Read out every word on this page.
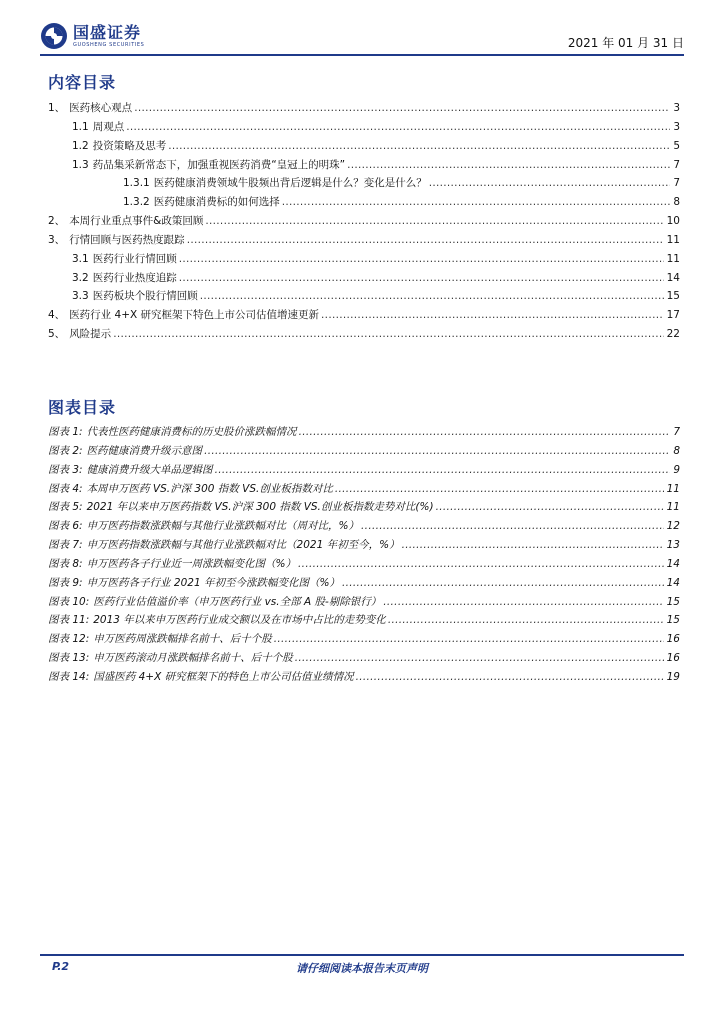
国盛证券
GUOSHENG SECURITIES	2021 年 01 月 31 日
内容目录
1、 医药核心观点 .....	3
1.1 周观点 .....	3
1.2 投资策略及思考 .....	5
1.3 药品集采新常态下，加强重视医药消费“皇冠上的明珠” .....	7
1.3.1 医药健康消费领域牛股频出背后逻辑是什么？变化是什么？ .....	7
1.3.2 医药健康消费标的如何选择 .....	8
2、 本周行业重点事件&政策回顾 .....	10
3、 行情回顾与医药热度跟踪 .....	11
3.1 医药行业行情回顾 .....	11
3.2 医药行业热度追踪 .....	14
3.3 医药板块个股行情回顾 .....	15
4、 医药行业 4+X 研究框架下特色上市公司估值增速更新 .....	17
5、 风险提示 .....	22
图表目录
图表 1: 代表性医药健康消费标的历史股价涨跌幅情况 .....	7
图表 2: 医药健康消费升级示意图 .....	8
图表 3: 健康消费升级大单品逻辑图 .....	9
图表 4: 本周申万医药 VS.沪深 300 指数 VS.创业板指数对比 .....	11
图表 5: 2021 年以来申万医药指数 VS.沪深 300 指数 VS.创业板指数走势对比(%) .....	11
图表 6: 申万医药指数涨跌幅与其他行业涨跌幅对比（周对比，%） .....	12
图表 7: 申万医药指数涨跌幅与其他行业涨跌幅对比（2021 年初至今，%） .....	13
图表 8: 申万医药各子行业近一周涨跌幅变化图（%） .....	14
图表 9: 申万医药各子行业 2021 年初至今涨跌幅变化图（%） .....	14
图表 10: 医药行业估值溢价率（申万医药行业 vs.全部 A 股-剔除银行） .....	15
图表 11: 2013 年以来申万医药行业成交额以及在市场中占比的走势变化 .....	15
图表 12: 申万医药周涨跌幅排名前十、后十个股 .....	16
图表 13: 申万医药滚动月涨跌幅排名前十、后十个股 .....	16
图表 14: 国盛医药 4+X 研究框架下的特色上市公司估值业绩情况 .....	19
P.2	请仔细阅读本报告末页声明
